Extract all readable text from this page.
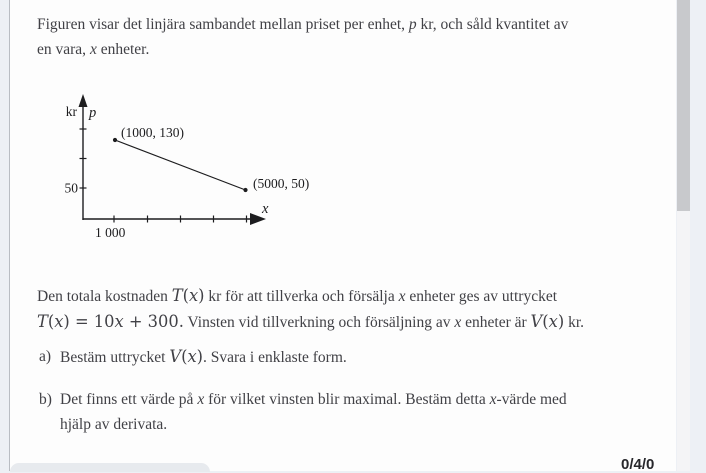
Figuren visar det linjära sambandet mellan priset per enhet, p kr, och såld kvantitet av
en vara, x enheter.
kr p
(1000, 130)
(5000, 50)
50
1 000
x
Den totala kostnaden T(x) kr för att tillverka och försälja x enheter ges av uttrycket
T(x) = 10x + 300. Vinsten vid tillverkning och försäljning av x enheter är V(x) kr.
a) Bestäm uttrycket V(x). Svara i enklaste form.
b) Det finns ett värde på x för vilket vinsten blir maximal. Bestäm detta x-värde med
hjälp av derivata.
0/4/0
